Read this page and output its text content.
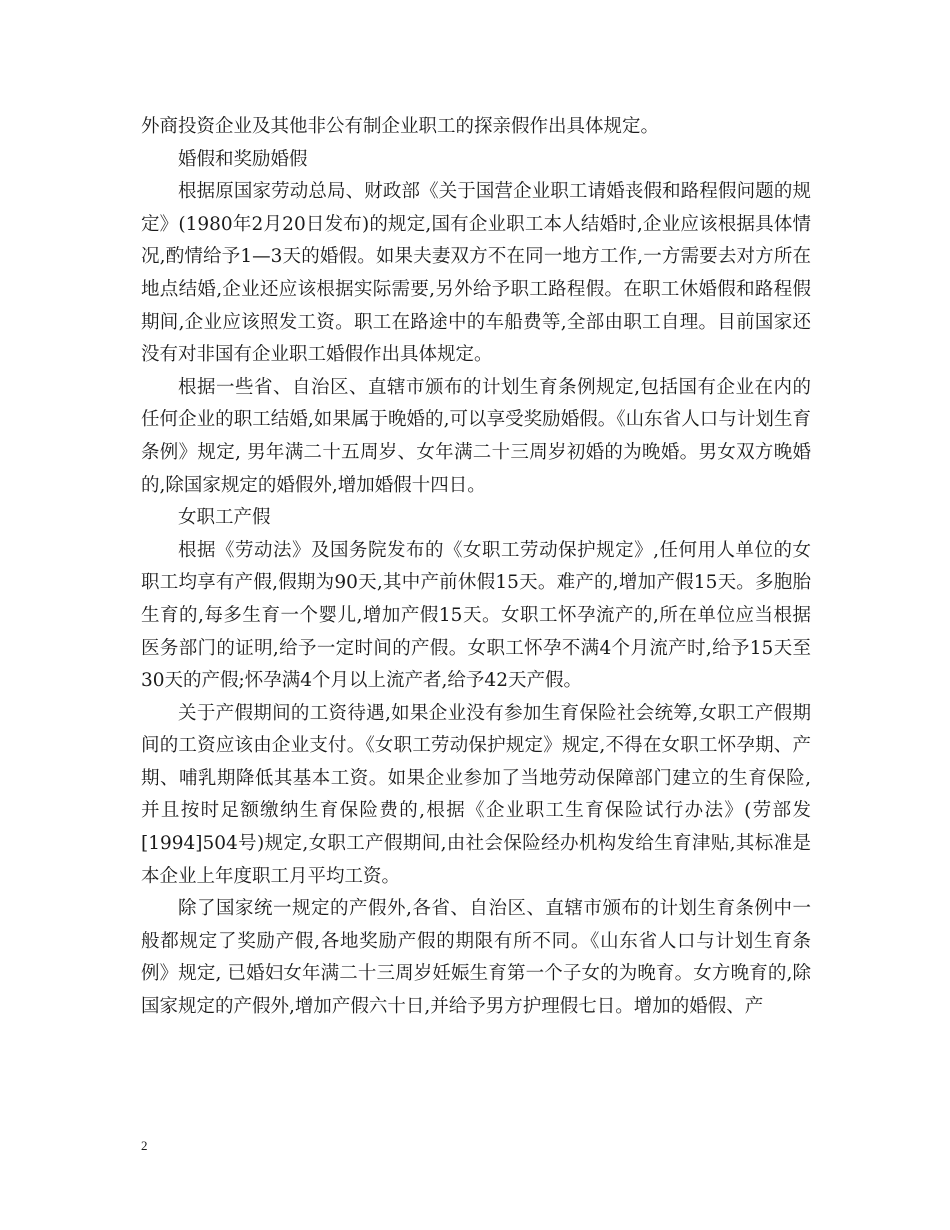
外商投资企业及其他非公有制企业职工的探亲假作出具体规定。

婚假和奖励婚假

根据原国家劳动总局、财政部《关于国营企业职工请婚丧假和路程假问题的规定》(1980年2月20日发布)的规定,国有企业职工本人结婚时,企业应该根据具体情况,酌情给予1—3天的婚假。如果夫妻双方不在同一地方工作,一方需要去对方所在地点结婚,企业还应该根据实际需要,另外给予职工路程假。在职工休婚假和路程假期间,企业应该照发工资。职工在路途中的车船费等,全部由职工自理。目前国家还没有对非国有企业职工婚假作出具体规定。

根据一些省、自治区、直辖市颁布的计划生育条例规定,包括国有企业在内的任何企业的职工结婚,如果属于晚婚的,可以享受奖励婚假。《山东省人口与计划生育条例》规定, 男年满二十五周岁、女年满二十三周岁初婚的为晚婚。男女双方晚婚的,除国家规定的婚假外,增加婚假十四日。

女职工产假

根据《劳动法》及国务院发布的《女职工劳动保护规定》,任何用人单位的女职工均享有产假,假期为90天,其中产前休假15天。难产的,增加产假15天。多胞胎生育的,每多生育一个婴儿,增加产假15天。女职工怀孕流产的,所在单位应当根据医务部门的证明,给予一定时间的产假。女职工怀孕不满4个月流产时,给予15天至30天的产假;怀孕满4个月以上流产者,给予42天产假。

关于产假期间的工资待遇,如果企业没有参加生育保险社会统筹,女职工产假期间的工资应该由企业支付。《女职工劳动保护规定》规定,不得在女职工怀孕期、产期、哺乳期降低其基本工资。如果企业参加了当地劳动保障部门建立的生育保险,并且按时足额缴纳生育保险费的,根据《企业职工生育保险试行办法》(劳部发[1994]504号)规定,女职工产假期间,由社会保险经办机构发给生育津贴,其标准是本企业上年度职工月平均工资。

除了国家统一规定的产假外,各省、自治区、直辖市颁布的计划生育条例中一般都规定了奖励产假,各地奖励产假的期限有所不同。《山东省人口与计划生育条例》规定, 已婚妇女年满二十三周岁妊娠生育第一个子女的为晚育。女方晚育的,除国家规定的产假外,增加产假六十日,并给予男方护理假七日。增加的婚假、产

2
